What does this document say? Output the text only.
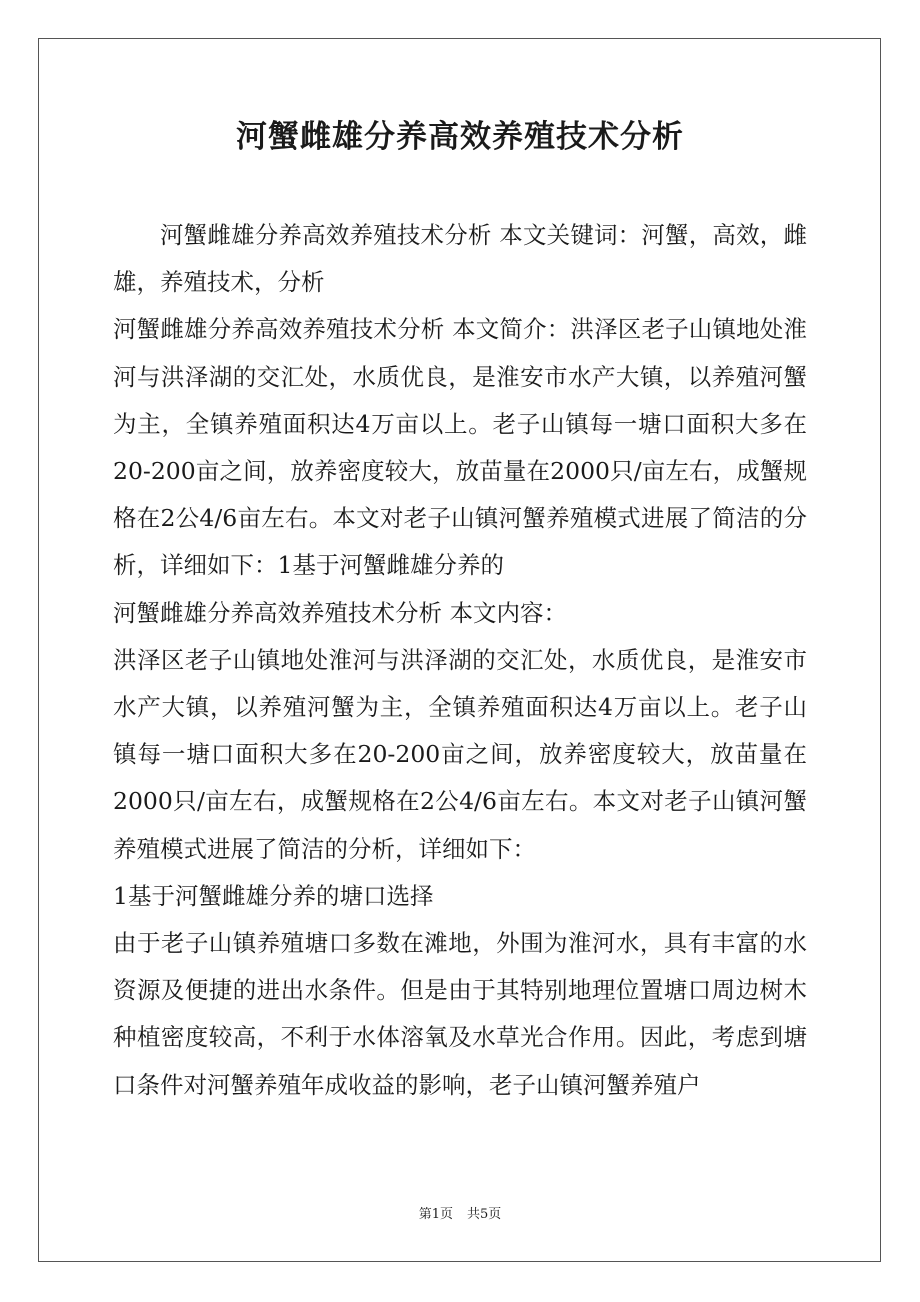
河蟹雌雄分养高效养殖技术分析

河蟹雌雄分养高效养殖技术分析 本文关键词：河蟹，高效，雌雄，养殖技术，分析

河蟹雌雄分养高效养殖技术分析 本文简介：洪泽区老子山镇地处淮河与洪泽湖的交汇处，水质优良，是淮安市水产大镇，以养殖河蟹为主，全镇养殖面积达4万亩以上。老子山镇每一塘口面积大多在20-200亩之间，放养密度较大，放苗量在2000只/亩左右，成蟹规格在2公4/6亩左右。本文对老子山镇河蟹养殖模式进展了简洁的分析，详细如下：1基于河蟹雌雄分养的

河蟹雌雄分养高效养殖技术分析 本文内容：

洪泽区老子山镇地处淮河与洪泽湖的交汇处，水质优良，是淮安市水产大镇，以养殖河蟹为主，全镇养殖面积达4万亩以上。老子山镇每一塘口面积大多在20-200亩之间，放养密度较大，放苗量在2000只/亩左右，成蟹规格在2公4/6亩左右。本文对老子山镇河蟹养殖模式进展了简洁的分析，详细如下：

1基于河蟹雌雄分养的塘口选择

由于老子山镇养殖塘口多数在滩地，外围为淮河水，具有丰富的水资源及便捷的进出水条件。但是由于其特别地理位置塘口周边树木种植密度较高，不利于水体溶氧及水草光合作用。因此，考虑到塘口条件对河蟹养殖年成收益的影响，老子山镇河蟹养殖户

第1页 共5页
